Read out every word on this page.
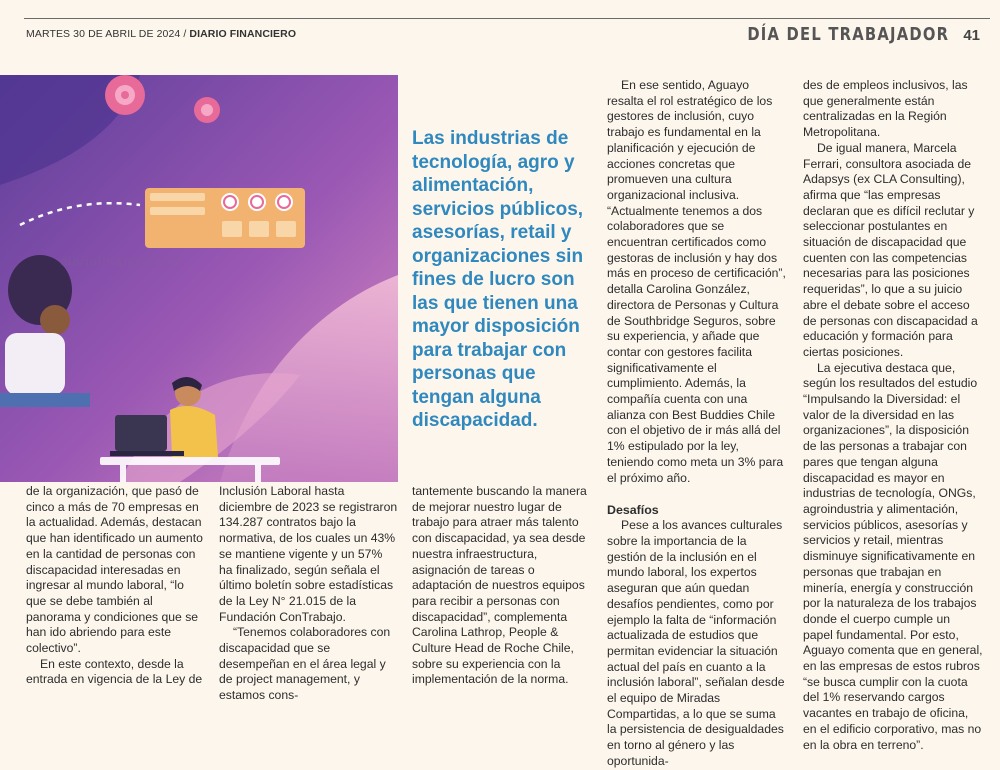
MARTES 30 DE ABRIL DE 2024 / DIARIO FINANCIERO	DÍA DEL TRABAJADOR 41
diariofinanciero.cl

Las industrias de tecnología, agro y alimentación, servicios públicos, asesorías, retail y organizaciones sin fines de lucro son las que tienen una mayor disposición para trabajar con personas que tengan alguna discapacidad.

de la organización, que pasó de cinco a más de 70 empresas en la actualidad. Además, destacan que han identificado un aumento en la cantidad de personas con discapacidad interesadas en ingresar al mundo laboral, “lo que se debe también al panorama y condiciones que se han ido abriendo para este colectivo”.

En este contexto, desde la entrada en vigencia de la Ley de

Inclusión Laboral hasta diciembre de 2023 se registraron 134.287 contratos bajo la normativa, de los cuales un 43% se mantiene vigente y un 57% ha finalizado, según señala el último boletín sobre estadísticas de la Ley N° 21.015 de la Fundación ConTrabajo.

“Tenemos colaboradores con discapacidad que se desempeñan en el área legal y de project management, y estamos cons-

tantemente buscando la manera de mejorar nuestro lugar de trabajo para atraer más talento con discapacidad, ya sea desde nuestra infraestructura, asignación de tareas o adaptación de nuestros equipos para recibir a personas con discapacidad”, complementa Carolina Lathrop, People & Culture Head de Roche Chile, sobre su experiencia con la implementación de la norma.

En ese sentido, Aguayo resalta el rol estratégico de los gestores de inclusión, cuyo trabajo es fundamental en la planificación y ejecución de acciones concretas que promueven una cultura organizacional inclusiva. “Actualmente tenemos a dos colaboradores que se encuentran certificados como gestoras de inclusión y hay dos más en proceso de certificación”, detalla Carolina González, directora de Personas y Cultura de Southbridge Seguros, sobre su experiencia, y añade que contar con gestores facilita significativamente el cumplimiento. Además, la compañía cuenta con una alianza con Best Buddies Chile con el objetivo de ir más allá del 1% estipulado por la ley, teniendo como meta un 3% para el próximo año.

Desafíos

Pese a los avances culturales sobre la importancia de la gestión de la inclusión en el mundo laboral, los expertos aseguran que aún quedan desafíos pendientes, como por ejemplo la falta de “información actualizada de estudios que permitan evidenciar la situación actual del país en cuanto a la inclusión laboral”, señalan desde el equipo de Miradas Compartidas, a lo que se suma la persistencia de desigualdades en torno al género y las oportunida-

des de empleos inclusivos, las que generalmente están centralizadas en la Región Metropolitana.

De igual manera, Marcela Ferrari, consultora asociada de Adapsys (ex CLA Consulting), afirma que “las empresas declaran que es difícil reclutar y seleccionar postulantes en situación de discapacidad que cuenten con las competencias necesarias para las posiciones requeridas”, lo que a su juicio abre el debate sobre el acceso de personas con discapacidad a educación y formación para ciertas posiciones.

La ejecutiva destaca que, según los resultados del estudio “Impulsando la Diversidad: el valor de la diversidad en las organizaciones”, la disposición de las personas a trabajar con pares que tengan alguna discapacidad es mayor en industrias de tecnología, ONGs, agroindustria y alimentación, servicios públicos, asesorías y servicios y retail, mientras disminuye significativamente en personas que trabajan en minería, energía y construcción por la naturaleza de los trabajos donde el cuerpo cumple un papel fundamental. Por esto, Aguayo comenta que en general, en las empresas de estos rubros “se busca cumplir con la cuota del 1% reservando cargos vacantes en trabajo de oficina, en el edificio corporativo, mas no en la obra en terreno”.
